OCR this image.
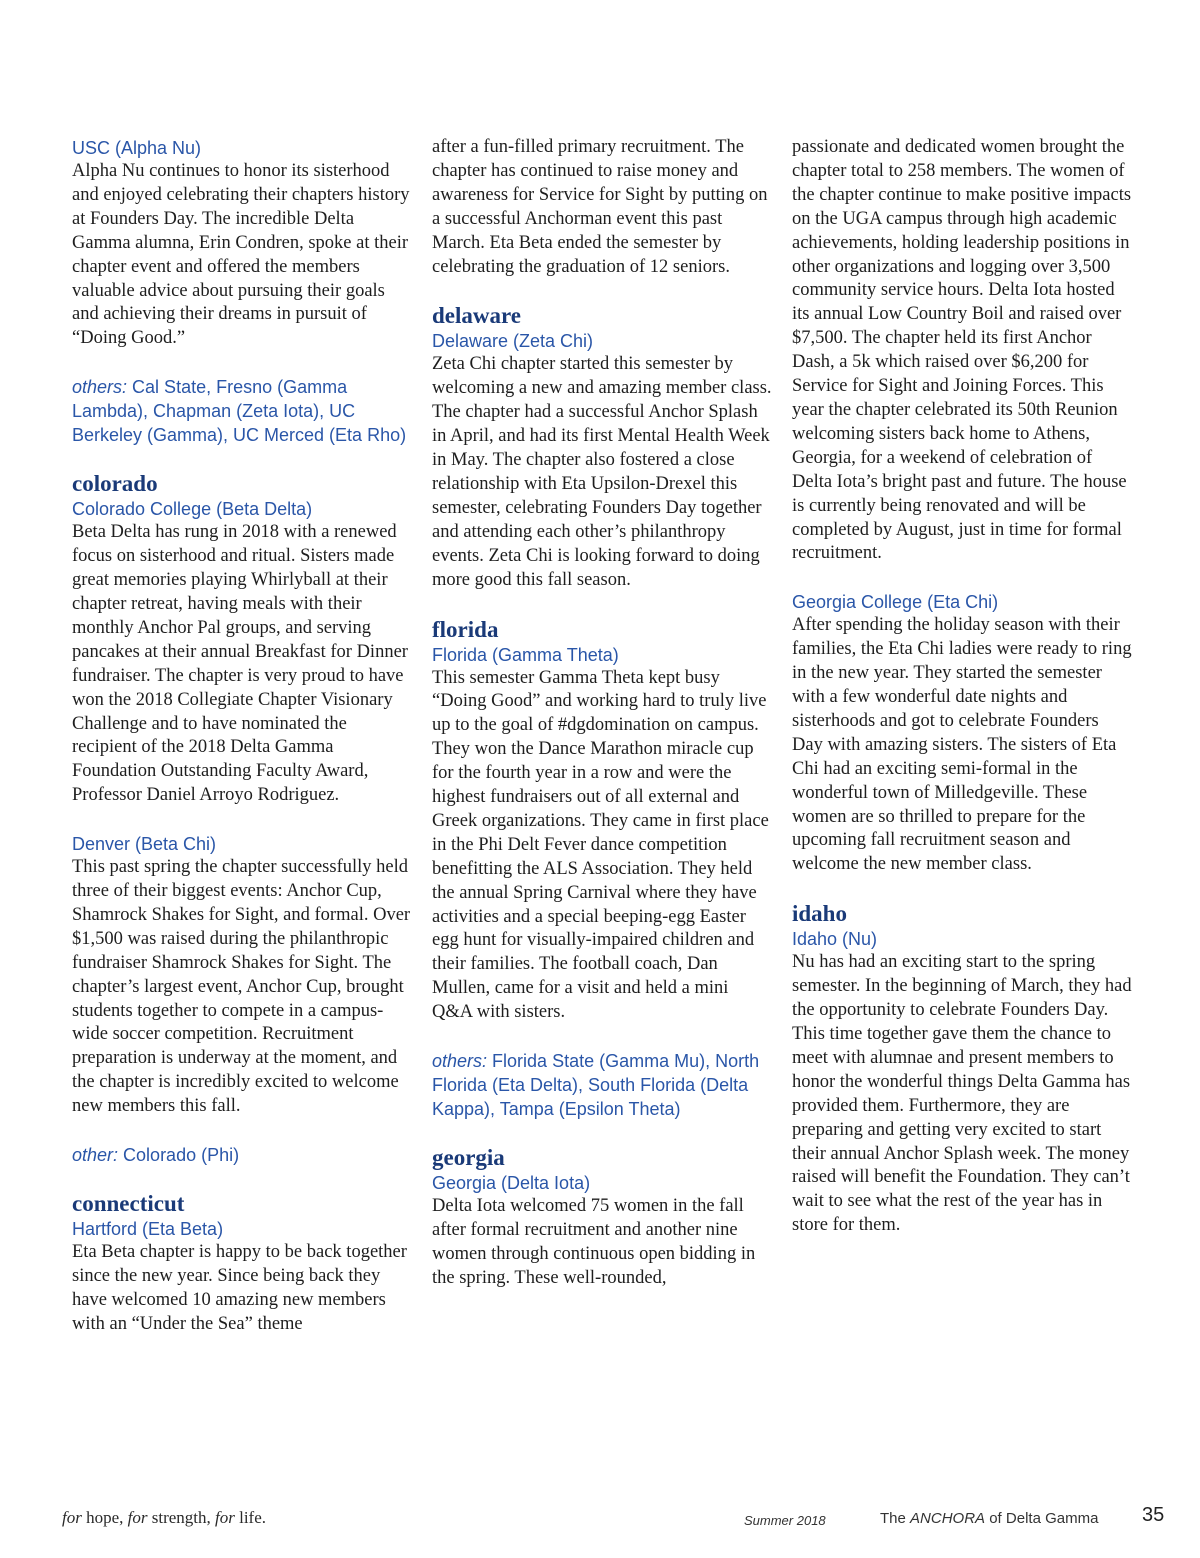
USC (Alpha Nu)

Alpha Nu continues to honor its sisterhood and enjoyed celebrating their chapters history at Founders Day. The incredible Delta Gamma alumna, Erin Condren, spoke at their chapter event and offered the members valuable advice about pursuing their goals and achieving their dreams in pursuit of “Doing Good.”

others: Cal State, Fresno (Gamma Lambda), Chapman (Zeta Iota), UC Berkeley (Gamma), UC Merced (Eta Rho)

colorado
Colorado College (Beta Delta)

Beta Delta has rung in 2018 with a renewed focus on sisterhood and ritual. Sisters made great memories playing Whirlyball at their chapter retreat, having meals with their monthly Anchor Pal groups, and serving pancakes at their annual Breakfast for Dinner fundraiser. The chapter is very proud to have won the 2018 Collegiate Chapter Visionary Challenge and to have nominated the recipient of the 2018 Delta Gamma Foundation Outstanding Faculty Award, Professor Daniel Arroyo Rodriguez.

Denver (Beta Chi)

This past spring the chapter successfully held three of their biggest events: Anchor Cup, Shamrock Shakes for Sight, and formal. Over $1,500 was raised during the philanthropic fundraiser Shamrock Shakes for Sight. The chapter’s largest event, Anchor Cup, brought students together to compete in a campus-wide soccer competition. Recruitment preparation is underway at the moment, and the chapter is incredibly excited to welcome new members this fall.

other: Colorado (Phi)

connecticut
Hartford (Eta Beta)

Eta Beta chapter is happy to be back together since the new year. Since being back they have welcomed 10 amazing new members with an “Under the Sea” theme

after a fun-filled primary recruitment. The chapter has continued to raise money and awareness for Service for Sight by putting on a successful Anchorman event this past March. Eta Beta ended the semester by celebrating the graduation of 12 seniors.

delaware
Delaware (Zeta Chi)

Zeta Chi chapter started this semester by welcoming a new and amazing member class. The chapter had a successful Anchor Splash in April, and had its first Mental Health Week in May. The chapter also fostered a close relationship with Eta Upsilon-Drexel this semester, celebrating Founders Day together and attending each other’s philanthropy events. Zeta Chi is looking forward to doing more good this fall season.

florida
Florida (Gamma Theta)

This semester Gamma Theta kept busy “Doing Good” and working hard to truly live up to the goal of #dgdomination on campus. They won the Dance Marathon miracle cup for the fourth year in a row and were the highest fundraisers out of all external and Greek organizations. They came in first place in the Phi Delt Fever dance competition benefitting the ALS Association. They held the annual Spring Carnival where they have activities and a special beeping-egg Easter egg hunt for visually-impaired children and their families. The football coach, Dan Mullen, came for a visit and held a mini Q&A with sisters.

others: Florida State (Gamma Mu), North Florida (Eta Delta), South Florida (Delta Kappa), Tampa (Epsilon Theta)

georgia
Georgia (Delta Iota)

Delta Iota welcomed 75 women in the fall after formal recruitment and another nine women through continuous open bidding in the spring. These well-rounded,

passionate and dedicated women brought the chapter total to 258 members. The women of the chapter continue to make positive impacts on the UGA campus through high academic achievements, holding leadership positions in other organizations and logging over 3,500 community service hours. Delta Iota hosted its annual Low Country Boil and raised over $7,500. The chapter held its first Anchor Dash, a 5k which raised over $6,200 for Service for Sight and Joining Forces. This year the chapter celebrated its 50th Reunion welcoming sisters back home to Athens, Georgia, for a weekend of celebration of Delta Iota’s bright past and future. The house is currently being renovated and will be completed by August, just in time for formal recruitment.

Georgia College (Eta Chi)

After spending the holiday season with their families, the Eta Chi ladies were ready to ring in the new year. They started the semester with a few wonderful date nights and sisterhoods and got to celebrate Founders Day with amazing sisters. The sisters of Eta Chi had an exciting semi-formal in the wonderful town of Milledgeville. These women are so thrilled to prepare for the upcoming fall recruitment season and welcome the new member class.

idaho
Idaho (Nu)

Nu has had an exciting start to the spring semester. In the beginning of March, they had the opportunity to celebrate Founders Day. This time together gave them the chance to meet with alumnae and present members to honor the wonderful things Delta Gamma has provided them. Furthermore, they are preparing and getting very excited to start their annual Anchor Splash week. The money raised will benefit the Foundation. They can’t wait to see what the rest of the year has in store for them.

for hope, for strength, for life.	Summer 2018	The ANCHORA of Delta Gamma 35
